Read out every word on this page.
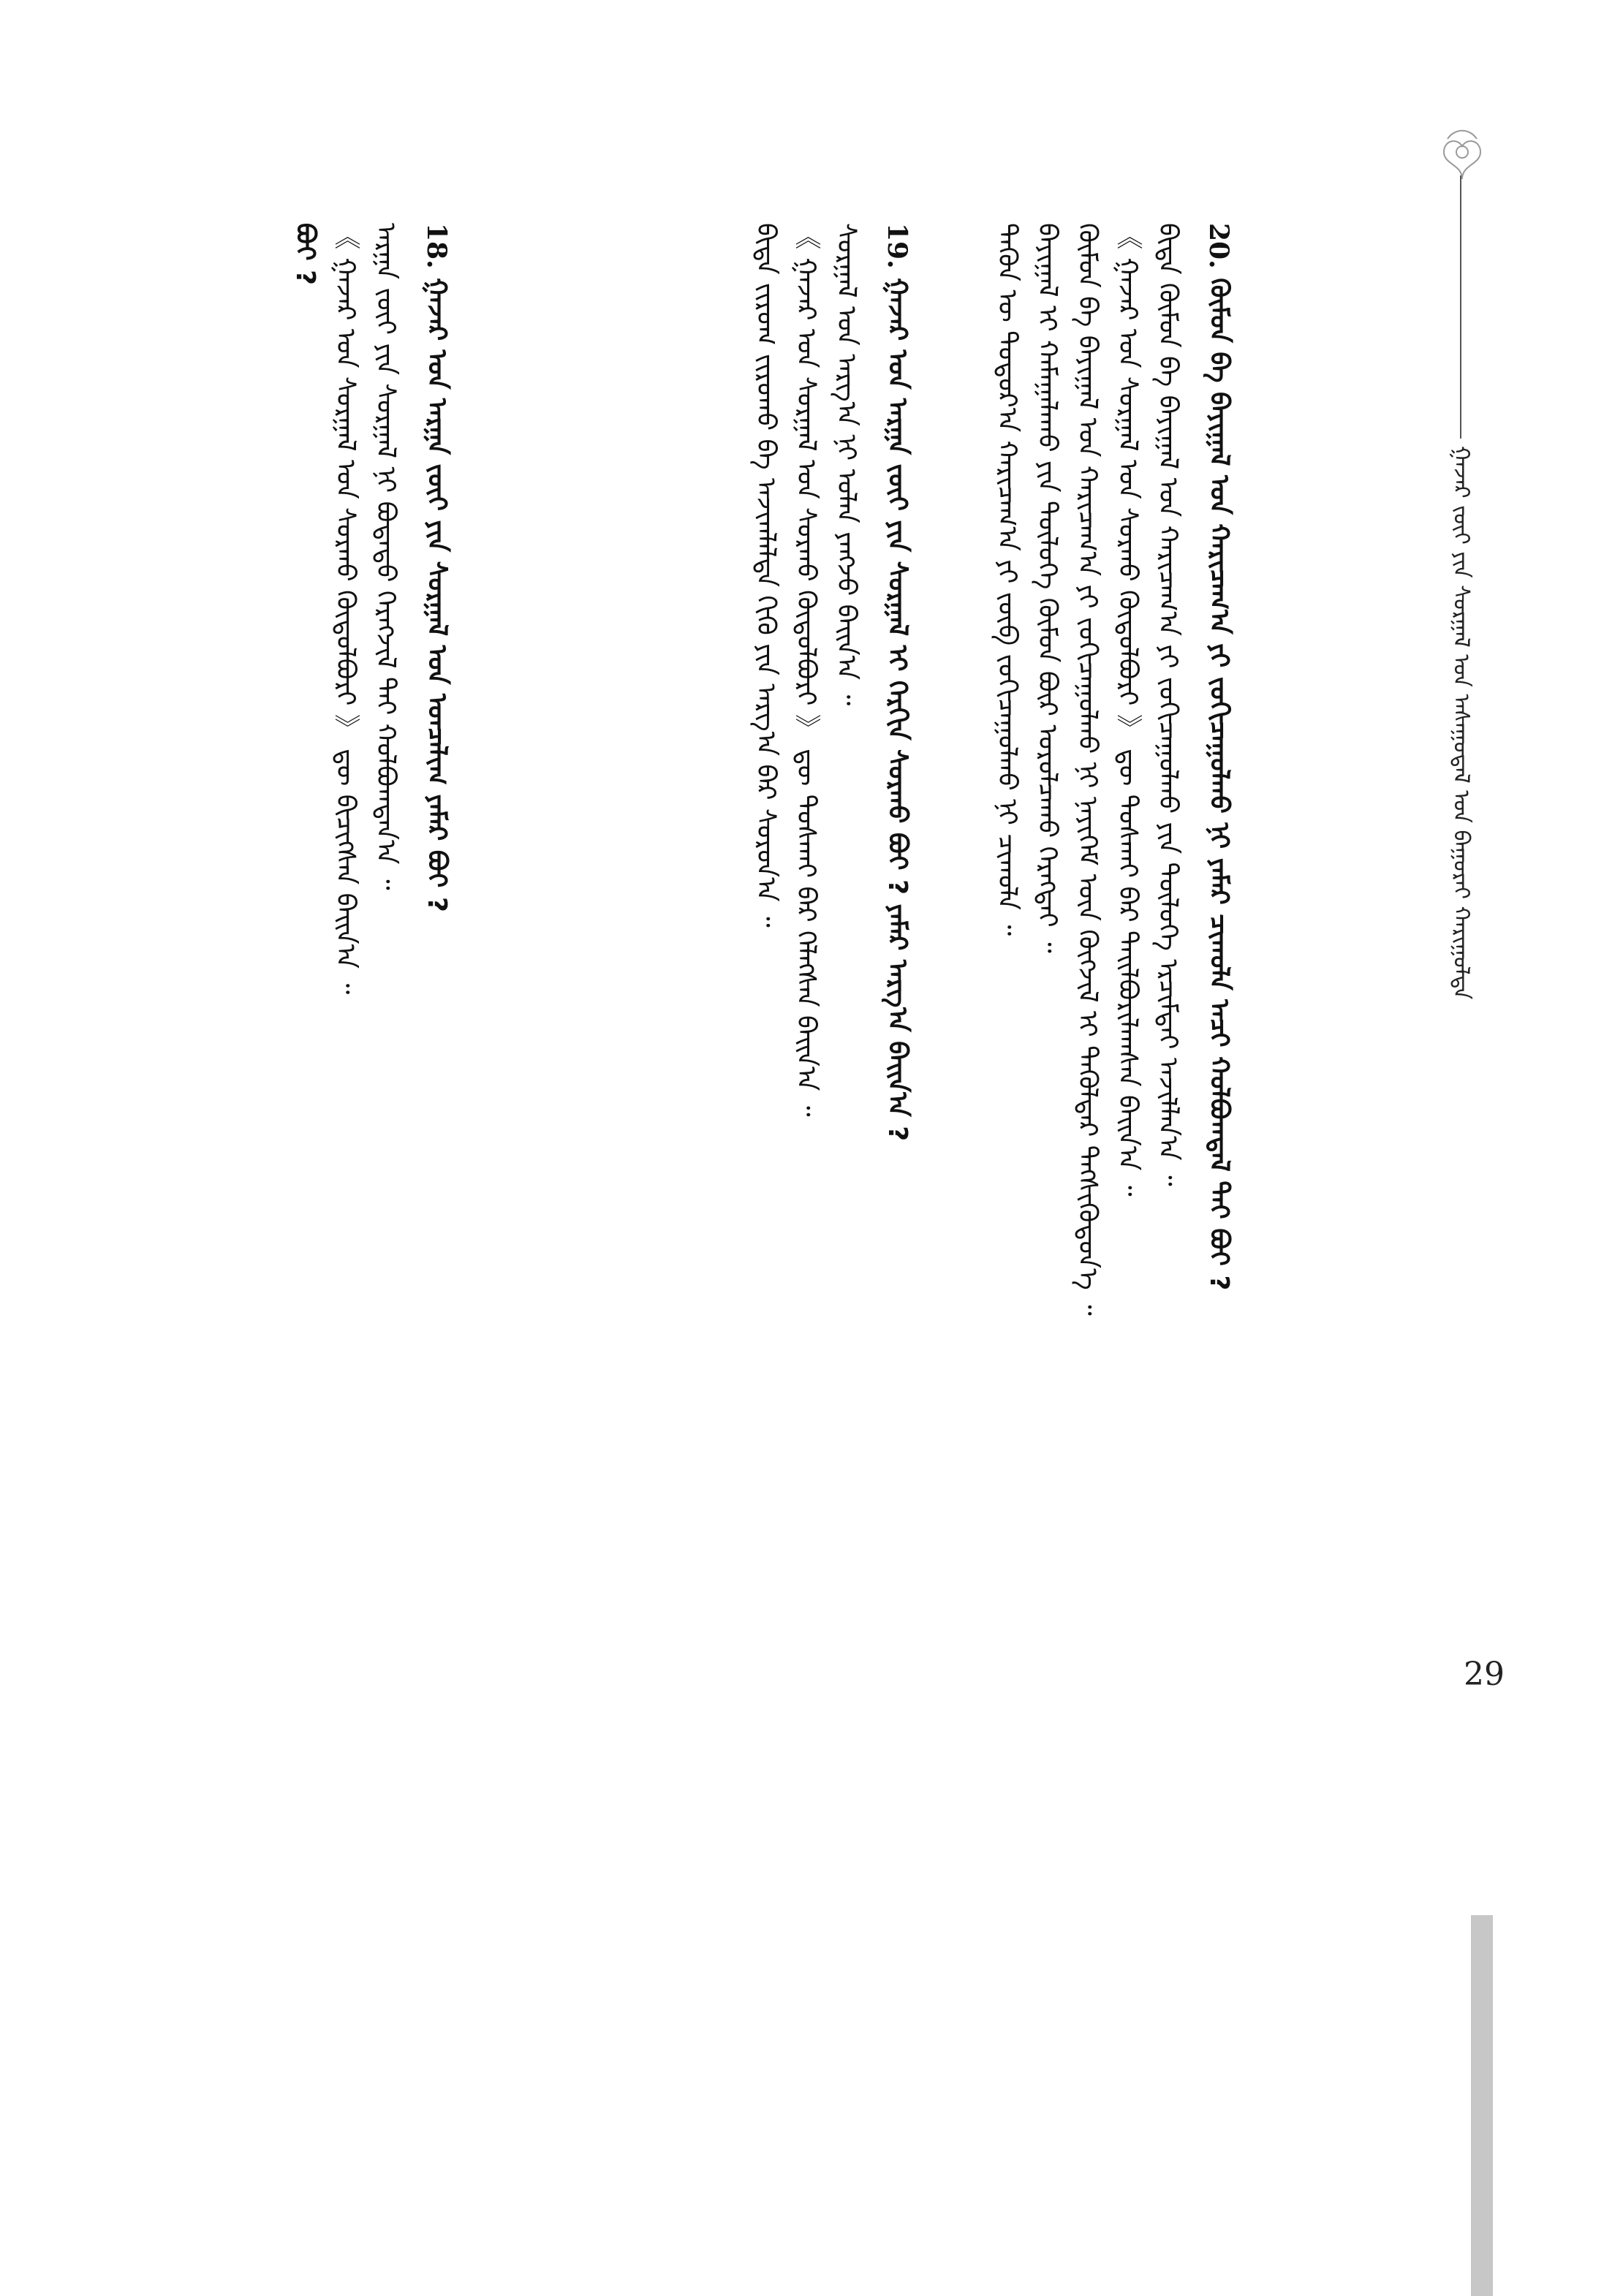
ᠭᠠᠵᠠᠷ ᠵᠦᠢ ᠶᠢᠨ ᠰᠤᠷᠭᠠᠯ ᠤᠨ ᠠᠰᠠᠭᠤᠳᠠᠯ ᠤᠨ ᠪᠠᠭᠤᠷᠠᠢ ᠬᠠᠷᠢᠭᠤᠯᠲᠠ
29
20. ᠬᠦᠮᠦᠨ ᠪᠠ ᠪᠠᠶᠢᠭᠠᠯ ᠤᠨ ᠬᠠᠷᠢᠴᠠᠭ᠎ᠠ ᠶᠢ ᠵᠣᠬᠢᠴᠠᠭᠤᠯᠬᠤ ᠨᠢ ᠶᠠᠮᠠᠷ ᠴᠢᠬᠤᠯᠠ ᠠᠴᠢ ᠬᠣᠯᠪᠣᠭᠳᠠᠯ ᠲᠠᠢ ᠪᠤᠢ ?
ᠪᠢᠳᠡ ᠬᠦᠮᠦᠨ ᠪᠠ ᠪᠠᠶᠢᠭᠠᠯ ᠤᠨ ᠬᠠᠷᠢᠴᠠᠭ᠎ᠠ ᠶᠢ ᠵᠣᠬᠢᠴᠠᠭᠤᠯᠬᠤ ᠶᠢᠨ ᠲᠥᠯᠦᠭᠡ ᠡᠷᠴᠢᠮᠲᠡᠢ ᠠᠵᠢᠯᠯᠠᠨ᠎ᠠ ᠃
《 ᠭᠠᠵᠠᠷ ᠤᠨ ᠰᠤᠷᠭᠠᠯ ᠤᠨ ᠰᠤᠷᠬᠤ ᠬᠥᠲᠦᠯᠪᠦᠷᠢ 》 ᠳᠦ ᠲᠤᠰᠬᠠᠢ ᠪᠡᠷ ᠲᠠᠢᠯᠪᠤᠷᠢᠯᠠᠭᠰᠠᠨ ᠪᠠᠢᠨ᠎ᠠ ᠃
ᠬᠦᠮᠦᠨ ᠪᠠ ᠪᠠᠶᠢᠭᠠᠯ ᠤᠨ ᠬᠠᠷᠢᠴᠠᠭ᠎ᠠ ᠶᠢ ᠵᠣᠬᠢᠴᠠᠭᠤᠯᠬᠤ ᠨᠢ ᠨᠡᠶᠢᠭᠡᠮ ᠦᠨ ᠬᠥᠭᠵᠢᠯ ᠢ ᠲᠡᠭᠦᠯᠳᠡᠷ ᠲᠡᠭᠰᠢᠭᠦᠳᠦᠨ᠎ᠡ ᠃
ᠪᠠᠶᠢᠭᠠᠯ ᠢ ᠬᠠᠮᠠᠭᠠᠯᠠᠬᠤ ᠶᠢᠨ ᠲᠥᠯᠦᠭᠡ ᠬᠦᠮᠦᠨ ᠪᠦᠷ ᠣᠷᠤᠯᠴᠠᠬᠤ ᠬᠡᠷᠡᠭᠲᠡᠢ ᠃
ᠲᠡᠭᠦᠨ ᠦ ᠳᠣᠲᠣᠷ᠎ᠠ ᠬᠠᠷᠢᠴᠠᠭ᠎ᠠ ᠶᠢ ᠵᠥᠪ ᠵᠣᠬᠢᠴᠠᠭᠤᠯᠬᠤ ᠨᠢ ᠴᠢᠬᠤᠯᠠ ᠃
19. ᠭᠠᠵᠠᠷ ᠤᠨ ᠠᠷᠭᠠ ᠵᠦᠢ ᠶᠢᠨ ᠰᠤᠷᠭᠠᠯ ᠢ ᠬᠡᠷᠬᠢᠨ ᠰᠤᠷᠬᠤ ᠪᠤᠢ ? ᠶᠠᠮᠠᠷ ᠠᠷᠭ᠎ᠠ ᠪᠠᠢᠨ᠎ᠠ ?
ᠰᠤᠷᠭᠠᠯ ᠤᠨ ᠠᠷᠭ᠎ᠠ ᠨᠢ ᠣᠯᠠᠨ ᠶᠠᠩᠵᠤ ᠪᠠᠢᠨ᠎ᠠ ᠃
《 ᠭᠠᠵᠠᠷ ᠤᠨ ᠰᠤᠷᠭᠠᠯ ᠤᠨ ᠰᠤᠷᠬᠤ ᠬᠥᠲᠦᠯᠪᠦᠷᠢ 》 ᠳᠦ ᠲᠤᠰᠬᠠᠢ ᠪᠡᠷ ᠬᠡᠯᠡᠭᠰᠡᠨ ᠪᠠᠢᠨ᠎ᠠ ᠃
ᠪᠢᠳᠡ ᠵᠢᠷᠤᠭ ᠵᠢᠷᠤᠬᠤ ᠪᠠ ᠠᠵᠢᠭᠯᠠᠯᠲᠠ ᠬᠢᠬᠦ ᠶᠢᠨ ᠠᠷᠭ᠎ᠠ ᠪᠠᠷ ᠰᠤᠷᠤᠨ᠎ᠠ ᠃
18. ᠭᠠᠵᠠᠷ ᠤᠨ ᠠᠷᠭᠠ ᠵᠦᠢ ᠶᠢᠨ ᠰᠤᠷᠭᠠᠯ ᠤᠨ ᠣᠨᠴᠠᠯᠢᠭ ᠶᠠᠮᠠᠷ ᠪᠤᠢ ?
ᠠᠷᠭᠠ ᠵᠦᠢ ᠶᠢᠨ ᠰᠤᠷᠭᠠᠯ ᠨᠢ ᠪᠣᠳᠠᠲᠤ ᠬᠡᠷᠡᠭᠵᠢᠯ ᠲᠡᠢ ᠬᠣᠯᠪᠣᠭᠳᠠᠨ᠎ᠠ ᠃
《 ᠭᠠᠵᠠᠷ ᠤᠨ ᠰᠤᠷᠭᠠᠯ ᠤᠨ ᠰᠤᠷᠬᠤ ᠬᠥᠲᠦᠯᠪᠦᠷᠢ 》 ᠳᠦ ᠪᠢᠴᠢᠭᠰᠡᠨ ᠪᠠᠢᠨ᠎ᠠ ᠃
ᠪᠤᠢ ?
